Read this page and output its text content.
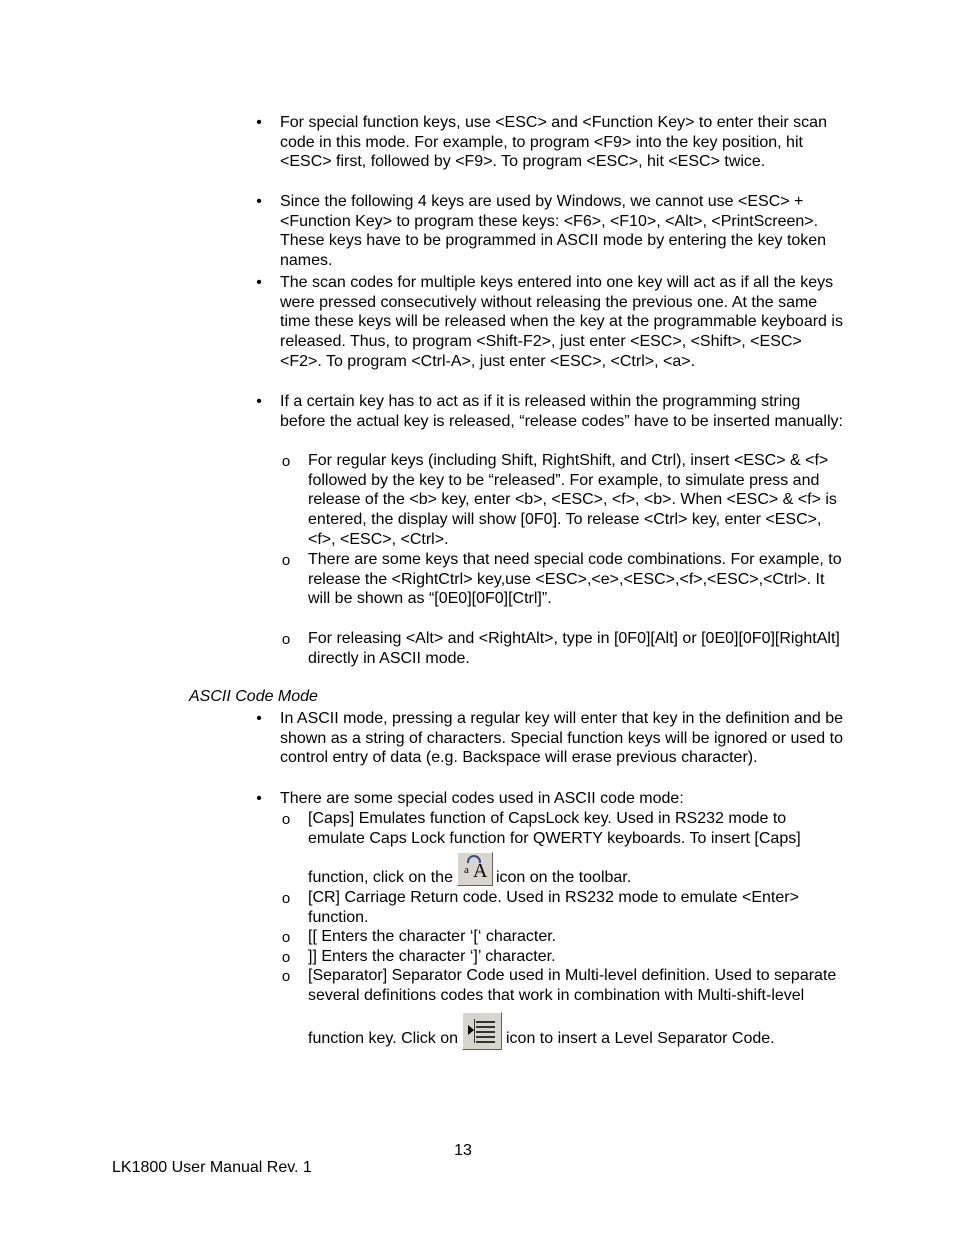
• For special function keys, use <ESC> and <Function Key> to enter their scan code in this mode. For example, to program <F9> into the key position, hit <ESC> first, followed by <F9>. To program <ESC>, hit <ESC> twice.
• Since the following 4 keys are used by Windows, we cannot use <ESC> + <Function Key> to program these keys: <F6>, <F10>, <Alt>, <PrintScreen>. These keys have to be programmed in ASCII mode by entering the key token names.
• The scan codes for multiple keys entered into one key will act as if all the keys were pressed consecutively without releasing the previous one. At the same time these keys will be released when the key at the programmable keyboard is released. Thus, to program <Shift-F2>, just enter <ESC>, <Shift>, <ESC> <F2>. To program <Ctrl-A>, just enter <ESC>, <Ctrl>, <a>.
• If a certain key has to act as if it is released within the programming string before the actual key is released, “release codes” have to be inserted manually:
o For regular keys (including Shift, RightShift, and Ctrl), insert <ESC> & <f> followed by the key to be “released”. For example, to simulate press and release of the <b> key, enter <b>, <ESC>, <f>, <b>. When <ESC> & <f> is entered, the display will show [0F0]. To release <Ctrl> key, enter <ESC>, <f>, <ESC>, <Ctrl>.
o There are some keys that need special code combinations. For example, to release the <RightCtrl> key,use <ESC>,<e>,<ESC>,<f>,<ESC>,<Ctrl>. It will be shown as “[0E0][0F0][Ctrl]”.
o For releasing <Alt> and <RightAlt>, type in [0F0][Alt] or [0E0][0F0][RightAlt] directly in ASCII mode.
ASCII Code Mode
• In ASCII mode, pressing a regular key will enter that key in the definition and be shown as a string of characters. Special function keys will be ignored or used to control entry of data (e.g. Backspace will erase previous character).
• There are some special codes used in ASCII code mode:
o [Caps] Emulates function of CapsLock key. Used in RS232 mode to emulate Caps Lock function for QWERTY keyboards. To insert [Caps] function, click on the a A icon on the toolbar.
o [CR] Carriage Return code. Used in RS232 mode to emulate <Enter> function.
o [[ Enters the character ‘[‘ character.
o ]] Enters the character ‘]’ character.
o [Separator] Separator Code used in Multi-level definition. Used to separate several definitions codes that work in combination with Multi-shift-level function key. Click on	icon to insert a Level Separator Code.
13
LK1800 User Manual Rev. 1
